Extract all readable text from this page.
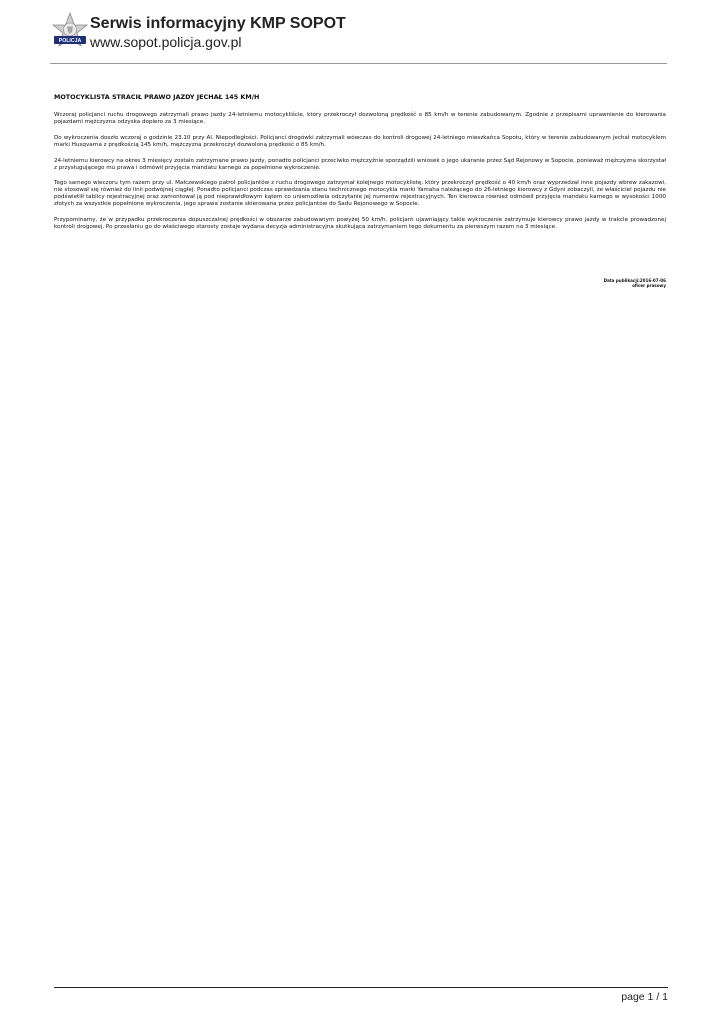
POLICJA
Serwis informacyjny KMP SOPOT
www.sopot.policja.gov.pl
MOTOCYKLISTA STRACIŁ PRAWO JAZDY JECHAŁ 145 KM/H

Wczoraj policjanci ruchu drogowego zatrzymali prawo jazdy 24-letniemu motocykliście, który przekroczył dozwoloną prędkość o 85 km/h w terenie zabudowanym. Zgodnie z przepisami uprawnienie do kierowania pojazdami mężczyzna odzyska dopiero za 3 miesiące.

Do wykroczenia doszło wczoraj o godzinie 23.10 przy Al. Niepodległości. Policjanci drogówki zatrzymali wówczas do kontroli drogowej 24-letniego mieszkańca Sopotu, który w terenie zabudowanym jechał motocyklem marki Husqvarna z prędkością 145 km/h, mężczyzna przekroczył dozwoloną prędkość o 85 km/h.

24-letniemu kierowcy na okres 3 miesięcy zostało zatrzymane prawo jazdy, ponadto policjanci przeciwko mężczyźnie sporządzili wniosek o jego ukaranie przez Sąd Rejonowy w Sopocie, ponieważ mężczyzna skorzystał z przysługującego mu prawa i odmówił przyjęcia mandatu karnego za popełnione wykroczenie.

Tego samego wieczoru tym razem przy ul. Małczewskiego patrol policjantów z ruchu drogowego zatrzymał kolejnego motocyklistę, który przekroczył prędkość o 40 km/h oraz wyprzedzał inne pojazdy wbrew zakazowi, nie stosował się również do linii podwójnej ciągłej. Ponadto policjanci podczas sprawdzania stanu technicznego motocykla marki Yamaha należącego do 26-letniego kierowcy z Gdyni zobaczyli, że właściciel pojazdu nie podświetlił tablicy rejestracyjnej oraz zamontował ją pod nieprawidłowym kątem co uniemożliwia odczytanie jej numerów rejestracyjnych. Ten kierowca również odmówił przyjęcia mandatu karnego w wysokości 1000 złotych za wszystkie popełnione wykroczenia, jego sprawa zostanie skierowana przez policjantów do Sadu Rejonowego w Sopocie.

Przypominamy, że w przypadku przekroczenia dopuszczalnej prędkości w obszarze zabudowanym powyżej 50 km/h, policjant ujawniający takie wykroczenie zatrzymuje kierowcy prawo jazdy w trakcie prowadzonej kontroli drogowej. Po przesłaniu go do właściwego starosty zostaje wydana decyzja administracyjna skutkująca zatrzymaniem tego dokumentu za pierwszym razem na 3 miesiące.

Data publikacji:2016-07-06
oficer prasowy
page 1 / 1
